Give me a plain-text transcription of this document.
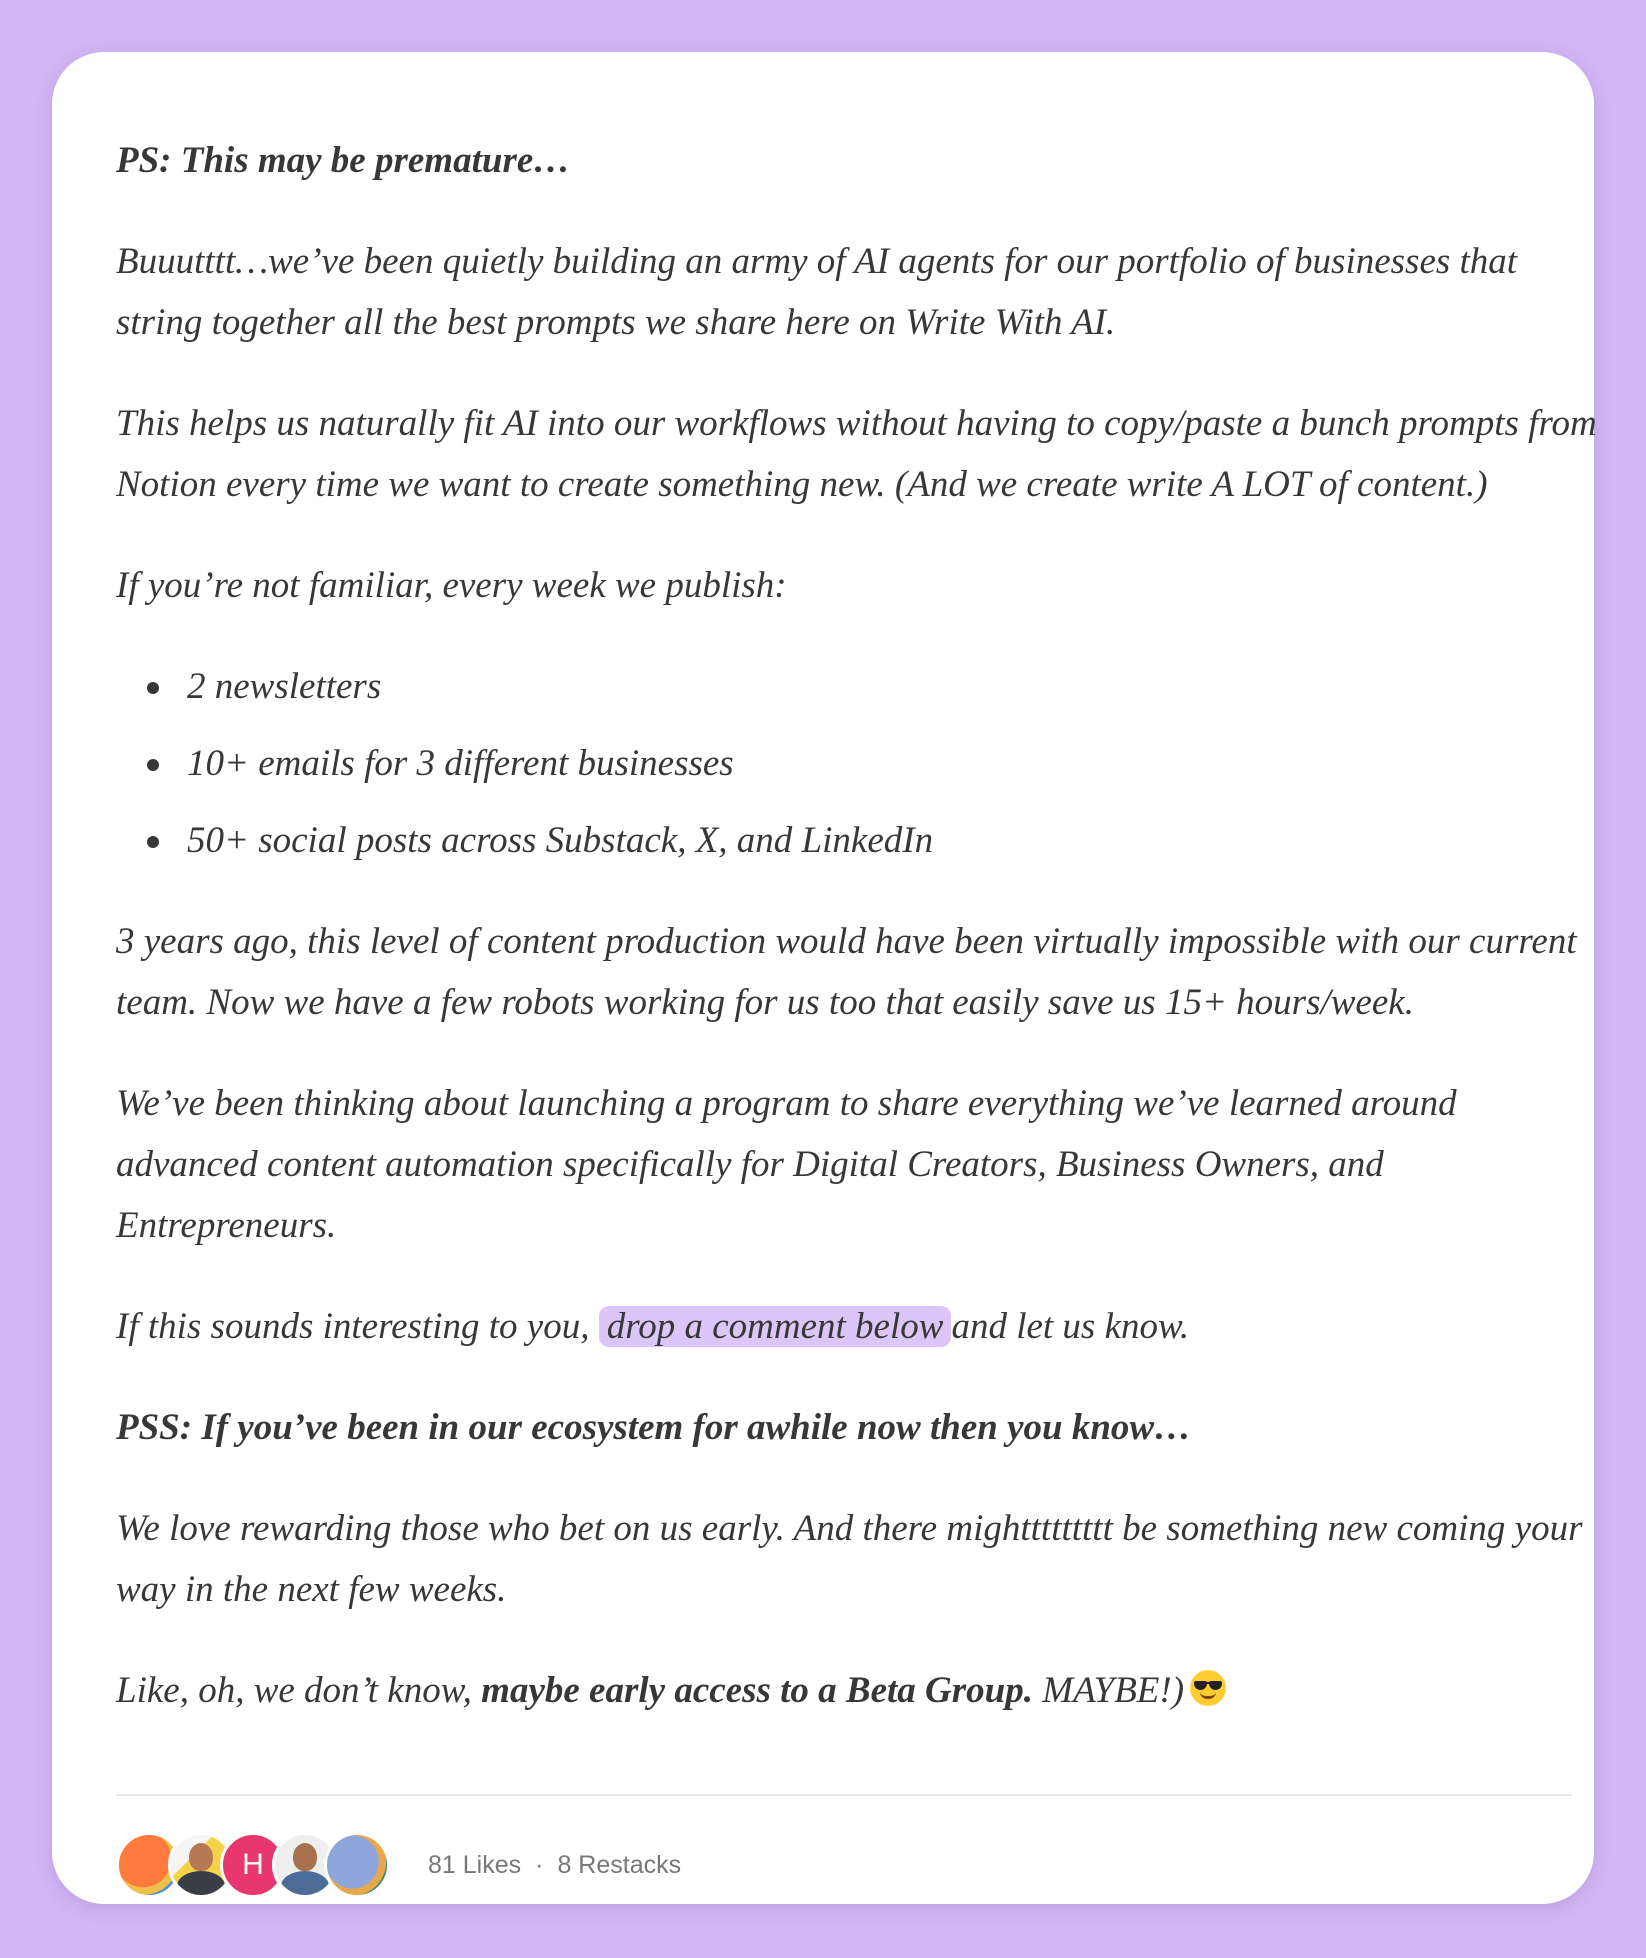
PS: This may be premature…

Buuutttt…we’ve been quietly building an army of AI agents for our portfolio of businesses that string together all the best prompts we share here on Write With AI.

This helps us naturally fit AI into our workflows without having to copy/paste a bunch prompts from Notion every time we want to create something new. (And we create write A LOT of content.)

If you’re not familiar, every week we publish:

2 newsletters
10+ emails for 3 different businesses
50+ social posts across Substack, X, and LinkedIn

3 years ago, this level of content production would have been virtually impossible with our current team. Now we have a few robots working for us too that easily save us 15+ hours/week.

We’ve been thinking about launching a program to share everything we’ve learned around advanced content automation specifically for Digital Creators, Business Owners, and Entrepreneurs.

If this sounds interesting to you, drop a comment below and let us know.

PSS: If you’ve been in our ecosystem for awhile now then you know…

We love rewarding those who bet on us early. And there mighttttttttt be something new coming your way in the next few weeks.

Like, oh, we don’t know, maybe early access to a Beta Group. MAYBE!)

H	81 Likes · 8 Restacks
